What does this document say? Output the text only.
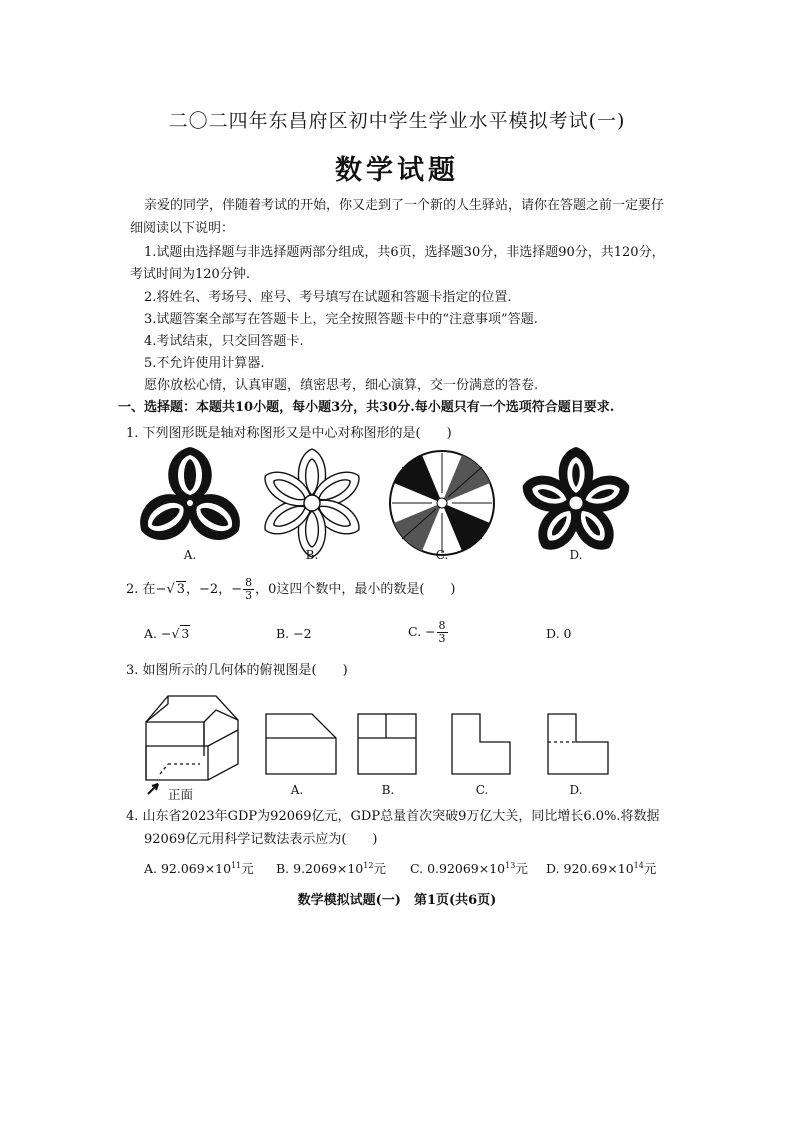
二〇二四年东昌府区初中学生学业水平模拟考试(一)
数学试题
亲爱的同学，伴随着考试的开始，你又走到了一个新的人生驿站，请你在答题之前一定要仔
细阅读以下说明：
1.试题由选择题与非选择题两部分组成，共6页，选择题30分，非选择题90分，共120分，
考试时间为120分钟.
2.将姓名、考场号、座号、考号填写在试题和答题卡指定的位置.
3.试题答案全部写在答题卡上，完全按照答题卡中的“注意事项”答题.
4.考试结束，只交回答题卡.
5.不允许使用计算器.
愿你放松心情，认真审题，缜密思考，细心演算，交一份满意的答卷.
一、选择题：本题共10小题，每小题3分，共30分.每小题只有一个选项符合题目要求.
1. 下列图形既是轴对称图形又是中心对称图形的是(　　)
A.	B.	C.	D.
2. 在−√ 3，−2，− $\frac{8}{3}$ ，0这四个数中，最小的数是(　　)
A. −√ 3	B. −2	C. − $\frac{8}{3}$	D. 0
3. 如图所示的几何体的俯视图是(　　)
正面	A.	B.	C.	D.
4. 山东省2023年GDP为92069亿元，GDP总量首次突破9万亿大关，同比增长6.0%.将数据
92069亿元用科学记数法表示应为(　　)
A. $92.069\times 10^{11}$元 B. $9.2069\times 10^{12}$元 C. $0.92069\times 10^{13}$元 D. $920.69\times 10^{14}$元
数学模拟试题(一)　第1页(共6页)
